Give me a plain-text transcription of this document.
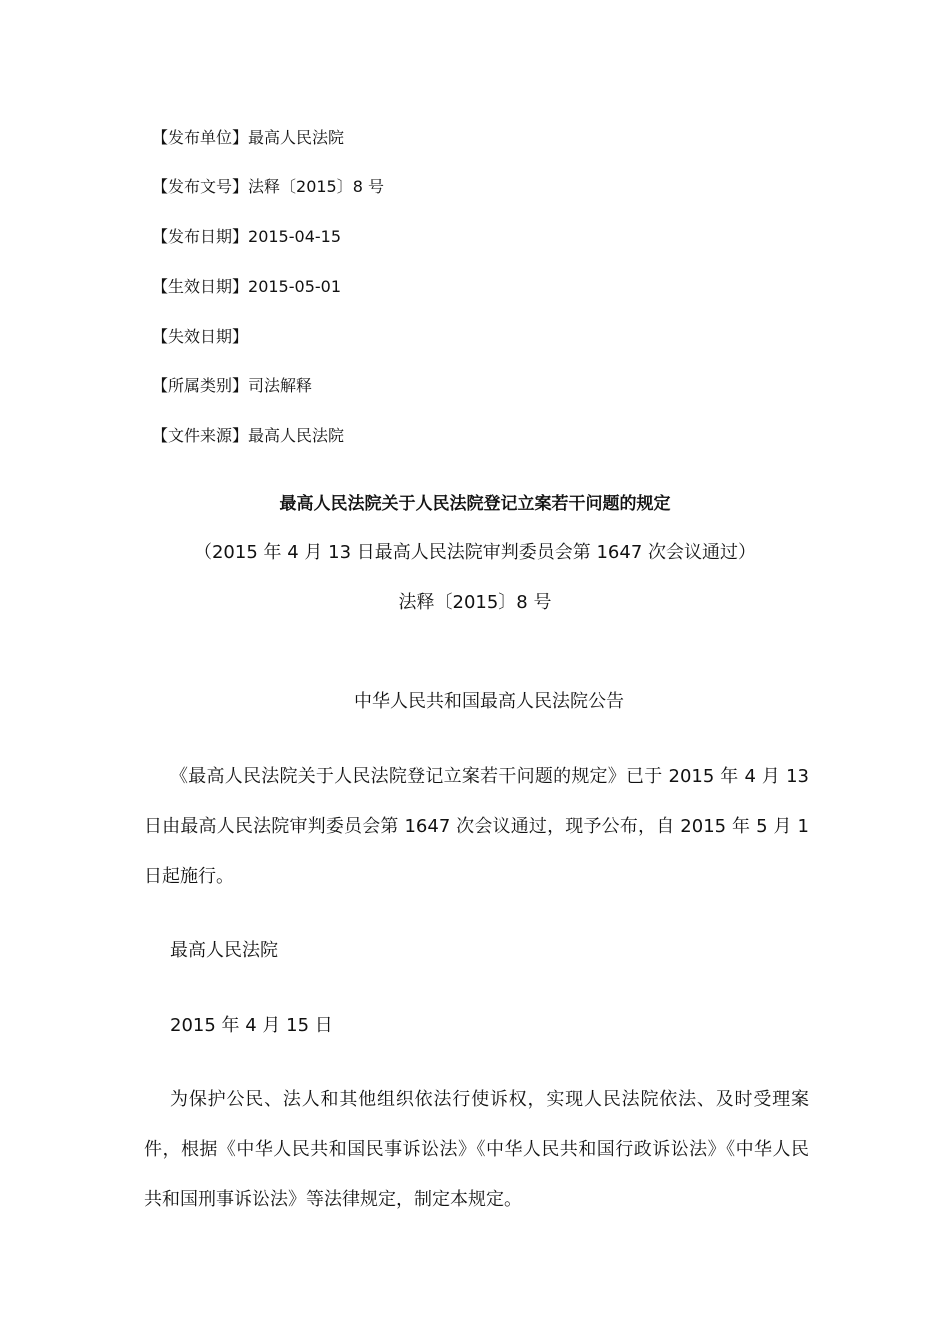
【发布单位】最高人民法院
【发布文号】法释〔2015〕8 号
【发布日期】2015-04-15
【生效日期】2015-05-01
【失效日期】
【所属类别】司法解释
【文件来源】最高人民法院
最高人民法院关于人民法院登记立案若干问题的规定
（2015 年 4 月 13 日最高人民法院审判委员会第 1647 次会议通过）
法释〔2015〕8 号
中华人民共和国最高人民法院公告
《最高人民法院关于人民法院登记立案若干问题的规定》已于 2015 年 4 月 13 日由最高人民法院审判委员会第 1647 次会议通过，现予公布，自 2015 年 5 月 1 日起施行。
最高人民法院
2015 年 4 月 15 日
为保护公民、法人和其他组织依法行使诉权，实现人民法院依法、及时受理案件，根据《中华人民共和国民事诉讼法》《中华人民共和国行政诉讼法》《中华人民共和国刑事诉讼法》等法律规定，制定本规定。
